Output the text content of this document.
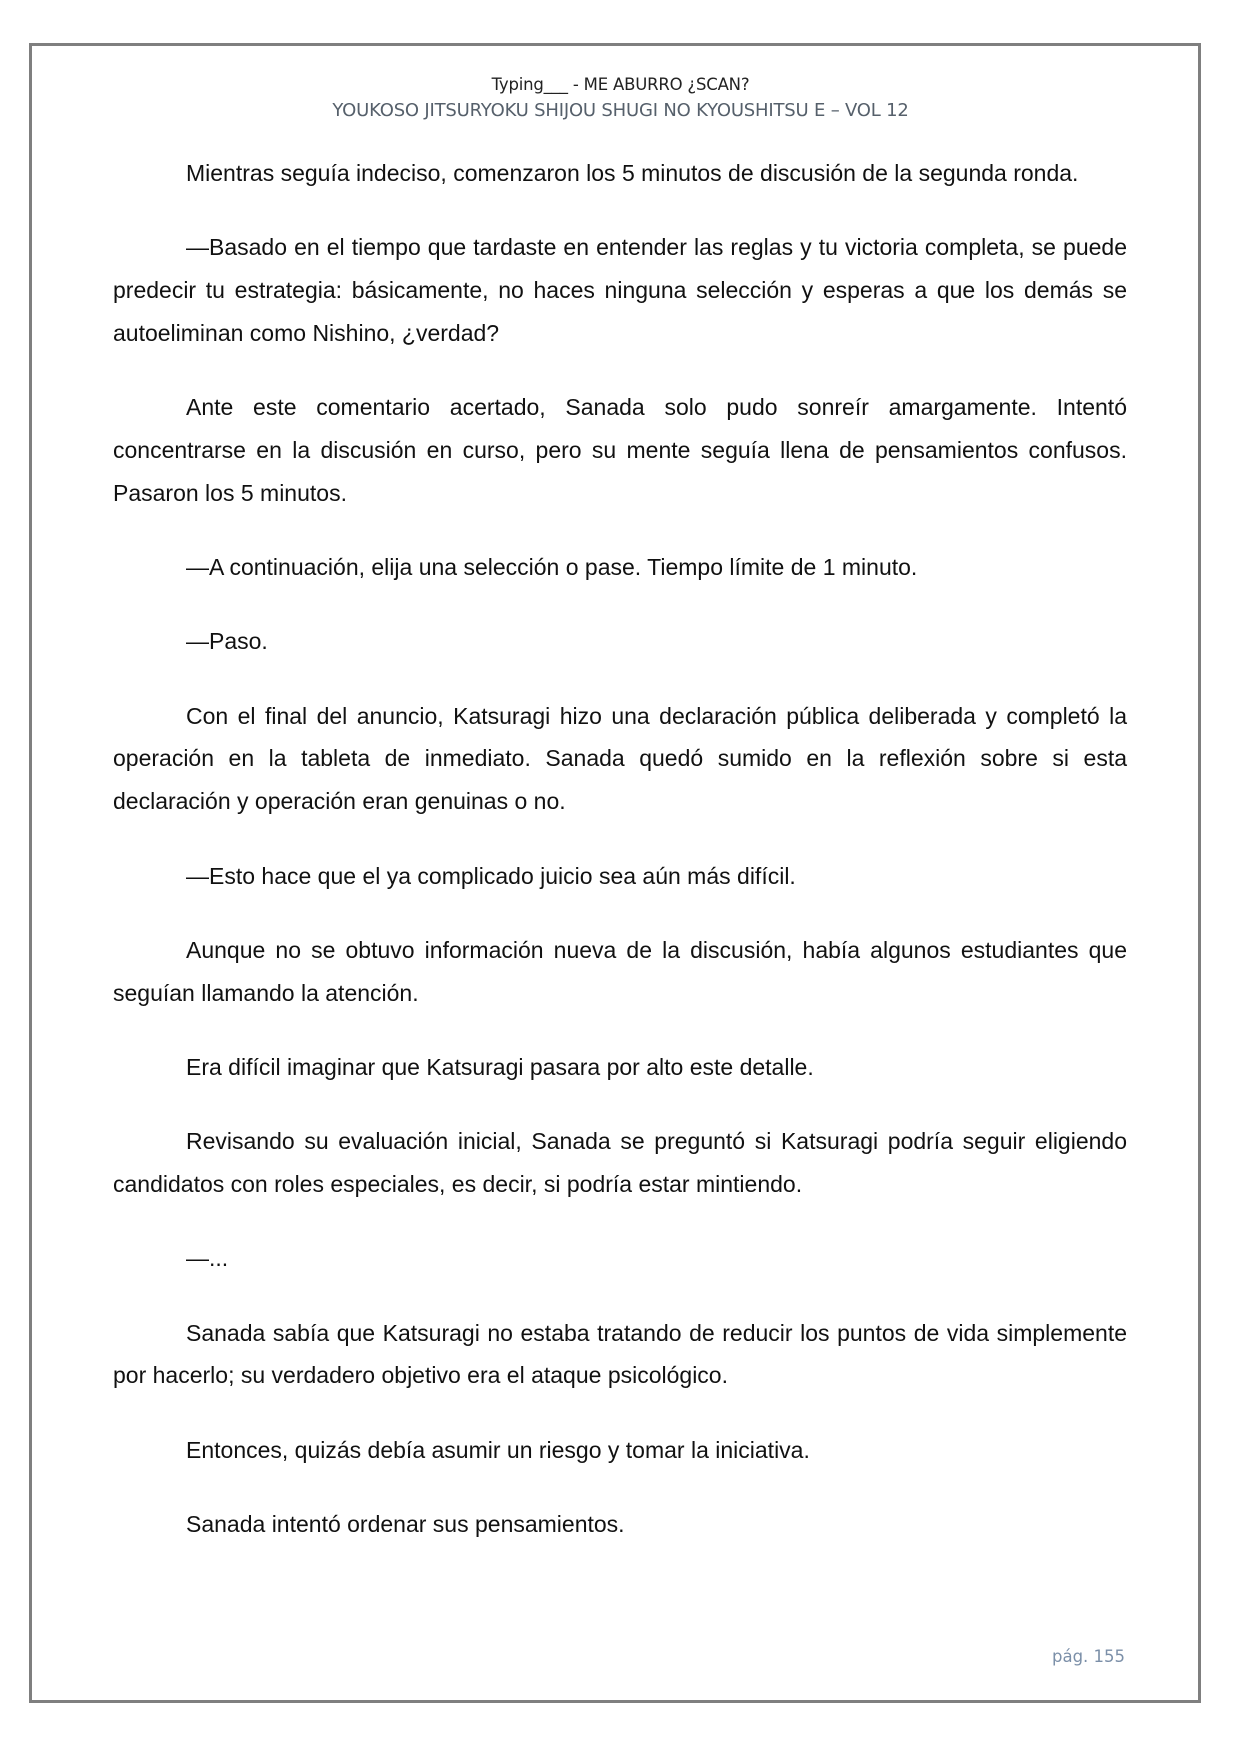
Typing___ - ME ABURRO ¿SCAN?
YOUKOSO JITSURYOKU SHIJOU SHUGI NO KYOUSHITSU E – VOL 12

Mientras seguía indeciso, comenzaron los 5 minutos de discusión de la segunda ronda.

—Basado en el tiempo que tardaste en entender las reglas y tu victoria completa, se puede predecir tu estrategia: básicamente, no haces ninguna selección y esperas a que los demás se autoeliminan como Nishino, ¿verdad?

Ante este comentario acertado, Sanada solo pudo sonreír amargamente. Intentó concentrarse en la discusión en curso, pero su mente seguía llena de pensamientos confusos. Pasaron los 5 minutos.

—A continuación, elija una selección o pase. Tiempo límite de 1 minuto.

—Paso.

Con el final del anuncio, Katsuragi hizo una declaración pública deliberada y completó la operación en la tableta de inmediato. Sanada quedó sumido en la reflexión sobre si esta declaración y operación eran genuinas o no.

—Esto hace que el ya complicado juicio sea aún más difícil.

Aunque no se obtuvo información nueva de la discusión, había algunos estudiantes que seguían llamando la atención.

Era difícil imaginar que Katsuragi pasara por alto este detalle.

Revisando su evaluación inicial, Sanada se preguntó si Katsuragi podría seguir eligiendo candidatos con roles especiales, es decir, si podría estar mintiendo.

—...

Sanada sabía que Katsuragi no estaba tratando de reducir los puntos de vida simplemente por hacerlo; su verdadero objetivo era el ataque psicológico.

Entonces, quizás debía asumir un riesgo y tomar la iniciativa.

Sanada intentó ordenar sus pensamientos.

pág. 155
